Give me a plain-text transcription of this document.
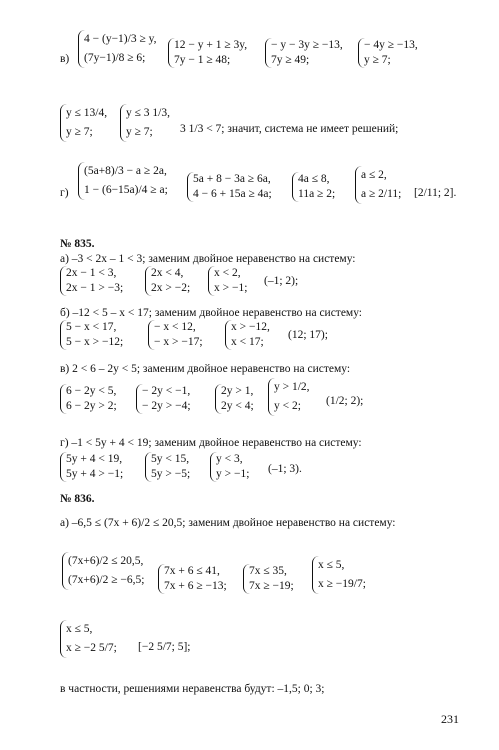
в)
4 − (y−1)/3 ≥ y,
(7y−1)/8 ≥ 6;
12 − y + 1 ≥ 3y,
7y − 1 ≥ 48;
− y − 3y ≥ −13,
7y ≥ 49;
− 4y ≥ −13,
y ≥ 7;
y ≤ 13/4,
y ≥ 7;
y ≤ 3 1/3,
y ≥ 7;	3 1/3 < 7; значит, система не имеет решений;
г)
(5a+8)/3 − a ≥ 2a,
1 − (6−15a)/4 ≥ a;
5a + 8 − 3a ≥ 6a,
4 − 6 + 15a ≥ 4a;
4a ≤ 8,
11a ≥ 2;
a ≤ 2,
a ≥ 2/11; [2/11; 2].
№ 835.
а) –3 < 2x – 1 < 3; заменим двойное неравенство на систему:
2x − 1 < 3,
2x − 1 > −3;
2x < 4,
2x > −2;
x < 2,
x > −1;
(–1; 2);
б) –12 < 5 – x < 17; заменим двойное неравенство на систему:
5 − x < 17,
5 − x > −12;
− x < 12,
− x > −17;
x > −12,
x < 17;
(12; 17);
в) 2 < 6 – 2y < 5; заменим двойное неравенство на систему:
6 − 2y < 5,
6 − 2y > 2;
− 2y < −1,
− 2y > −4;
2y > 1,
2y < 4;
y > 1/2,
y < 2;	(1/2; 2);
г) –1 < 5y + 4 < 19; заменим двойное неравенство на систему:
5y + 4 < 19,
5y + 4 > −1;
5y < 15,
5y > −5;
y < 3,
y > −1; (–1; 3).
№ 836.
а) –6,5 ≤ (7x + 6)/2 ≤ 20,5; заменим двойное неравенство на систему:
(7x+6)/2 ≤ 20,5,
(7x+6)/2 ≥ −6,5;
7x + 6 ≤ 41,
7x + 6 ≥ −13;
7x ≤ 35,
7x ≥ −19;
x ≤ 5,
x ≥ −19/7;
x ≤ 5,
x ≥ −2 5/7; [−2 5/7; 5];
в частности, решениями неравенства будут: –1,5; 0; 3;
231
